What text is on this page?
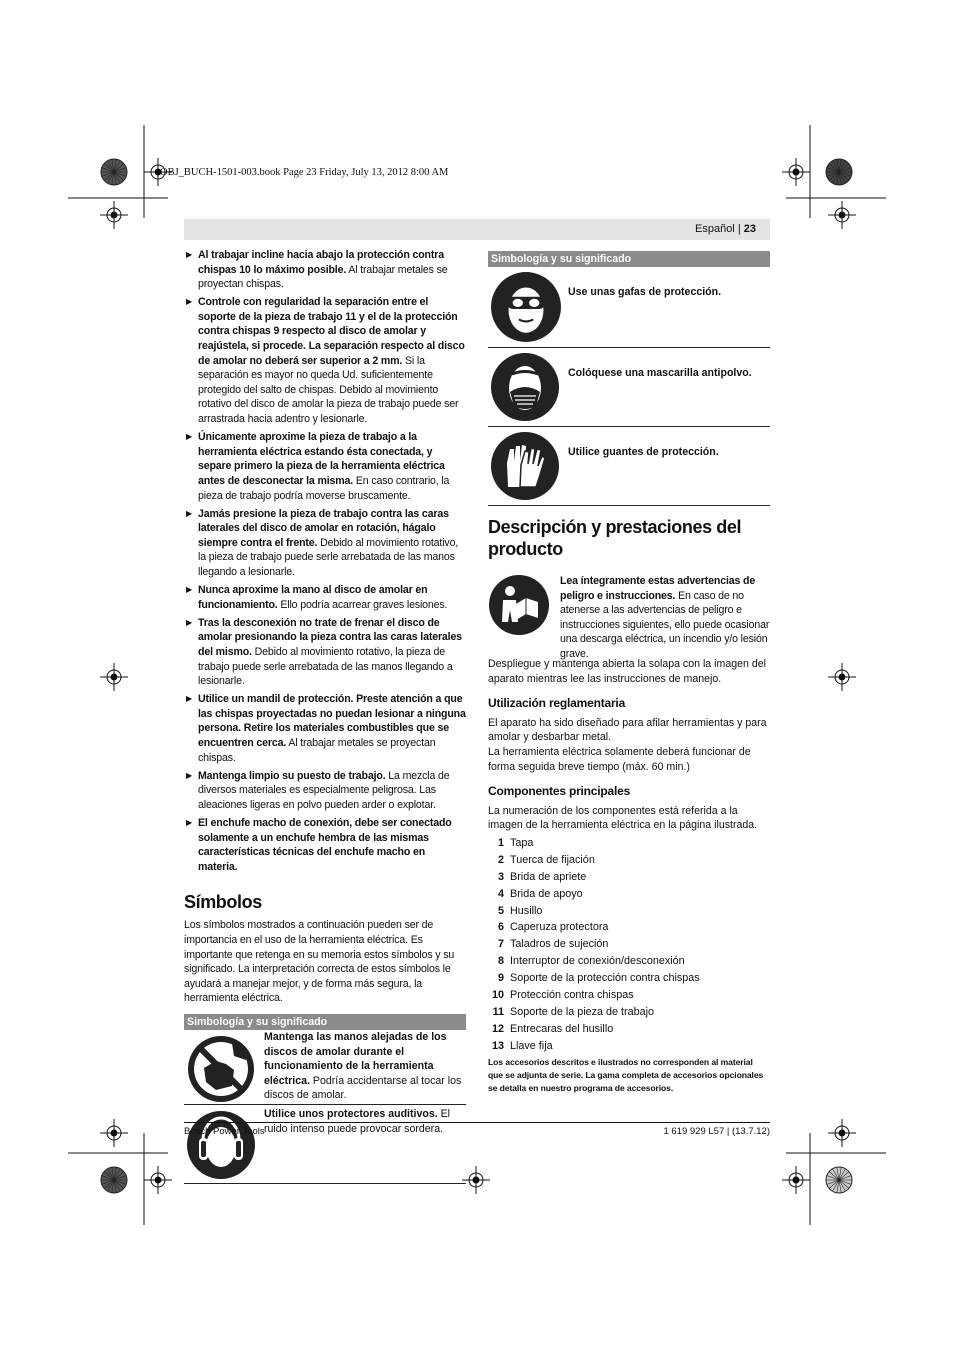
OBJ_BUCH-1501-003.book Page 23 Friday, July 13, 2012 8:00 AM
Español | 23
▶ Al trabajar incline hacia abajo la protección contra chispas 10 lo máximo posible. Al trabajar metales se proyectan chispas.
▶ Controle con regularidad la separación entre el soporte de la pieza de trabajo 11 y el de la protección contra chispas 9 respecto al disco de amolar y reajústela, si procede. La separación respecto al disco de amolar no deberá ser superior a 2 mm. Si la separación es mayor no queda Ud. suficientemente protegido del salto de chispas. Debido al movimiento rotativo del disco de amolar la pieza de trabajo puede ser arrastrada hacia adentro y lesionarle.
▶ Únicamente aproxime la pieza de trabajo a la herramienta eléctrica estando ésta conectada, y separe primero la pieza de la herramienta eléctrica antes de desconectar la misma. En caso contrario, la pieza de trabajo podría moverse bruscamente.
▶ Jamás presione la pieza de trabajo contra las caras laterales del disco de amolar en rotación, hágalo siempre contra el frente. Debido al movimiento rotativo, la pieza de trabajo puede serle arrebatada de las manos llegando a lesionarle.
▶ Nunca aproxime la mano al disco de amolar en funcionamiento. Ello podría acarrear graves lesiones.
▶ Tras la desconexión no trate de frenar el disco de amolar presionando la pieza contra las caras laterales del mismo. Debido al movimiento rotativo, la pieza de trabajo puede serle arrebatada de las manos llegando a lesionarle.
▶ Utilice un mandil de protección. Preste atención a que las chispas proyectadas no puedan lesionar a ninguna persona. Retire los materiales combustibles que se encuentren cerca. Al trabajar metales se proyectan chispas.
▶ Mantenga limpio su puesto de trabajo. La mezcla de diversos materiales es especialmente peligrosa. Las aleaciones ligeras en polvo pueden arder o explotar.
▶ El enchufe macho de conexión, debe ser conectado solamente a un enchufe hembra de las mismas características técnicas del enchufe macho en materia.
Símbolos
Los símbolos mostrados a continuación pueden ser de importancia en el uso de la herramienta eléctrica. Es importante que retenga en su memoria estos símbolos y su significado. La interpretación correcta de estos símbolos le ayudará a manejar mejor, y de forma más segura, la herramienta eléctrica.
Simbología y su significado
Mantenga las manos alejadas de los discos de amolar durante el funcionamiento de la herramienta eléctrica. Podría accidentarse al tocar los discos de amolar.
Utilice unos protectores auditivos. El ruido intenso puede provocar sordera.
Simbología y su significado
Use unas gafas de protección.
Colóquese una mascarilla antipolvo.
Utilice guantes de protección.
Descripción y prestaciones del producto
Lea íntegramente estas advertencias de peligro e instrucciones. En caso de no atenerse a las advertencias de peligro e instrucciones siguientes, ello puede ocasionar una descarga eléctrica, un incendio y/o lesión grave.
Despliegue y mantenga abierta la solapa con la imagen del aparato mientras lee las instrucciones de manejo.
Utilización reglamentaria
El aparato ha sido diseñado para afilar herramientas y para amolar y desbarbar metal.
La herramienta eléctrica solamente deberá funcionar de forma seguida breve tiempo (máx. 60 min.)
Componentes principales
La numeración de los componentes está referida a la imagen de la herramienta eléctrica en la página ilustrada.
1 Tapa
2 Tuerca de fijación
3 Brida de apriete
4 Brida de apoyo
5 Husillo
6 Caperuza protectora
7 Taladros de sujeción
8 Interruptor de conexión/desconexión
9 Soporte de la protección contra chispas
10 Protección contra chispas
11 Soporte de la pieza de trabajo
12 Entrecaras del husillo
13 Llave fija
Los accesorios descritos e ilustrados no corresponden al material que se adjunta de serie. La gama completa de accesorios opcionales se detalla en nuestro programa de accesorios.
Bosch Power Tools	1 619 929 L57 | (13.7.12)
